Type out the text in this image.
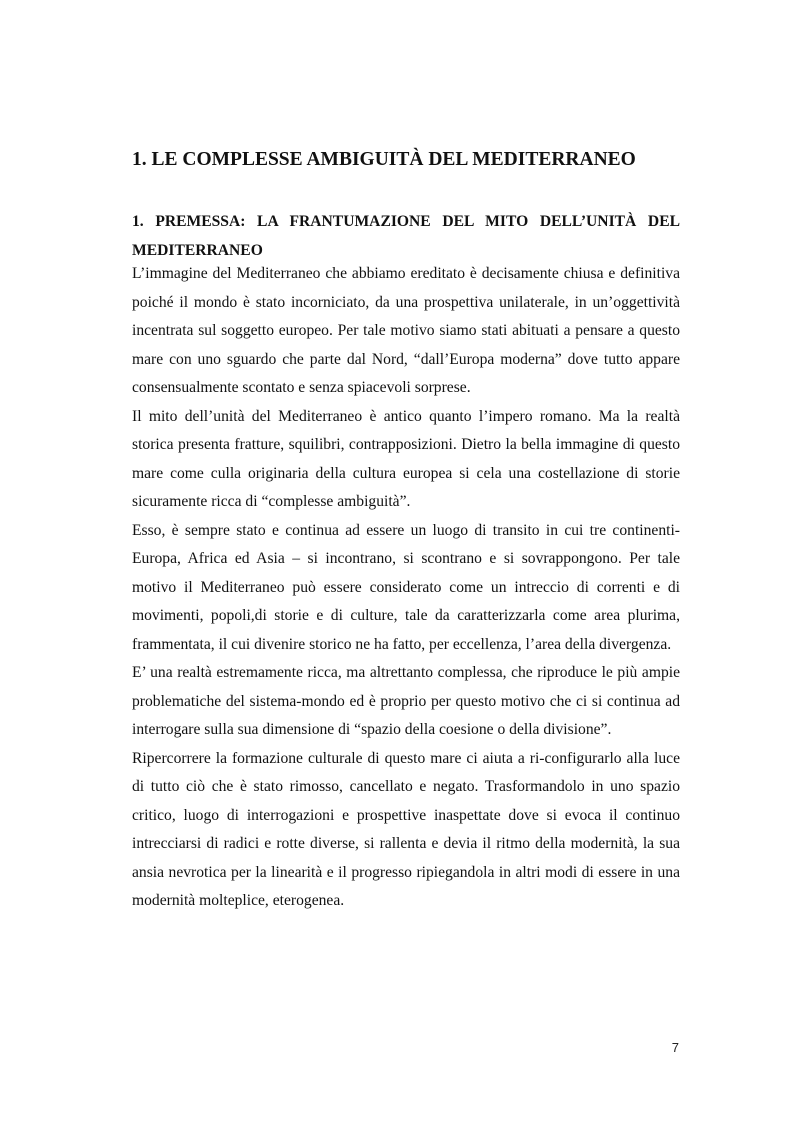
1. LE COMPLESSE AMBIGUITÀ DEL MEDITERRANEO
1. PREMESSA: LA FRANTUMAZIONE DEL MITO DELL’UNITÀ DEL MEDITERRANEO

L’immagine del Mediterraneo che abbiamo ereditato è decisamente chiusa e definitiva poiché il mondo è stato incorniciato, da una prospettiva unilaterale, in un’oggettività incentrata sul soggetto europeo. Per tale motivo siamo stati abituati a pensare a questo mare con uno sguardo che parte dal Nord, “dall’Europa moderna” dove tutto appare consensualmente scontato e senza spiacevoli sorprese.

Il mito dell’unità del Mediterraneo è antico quanto l’impero romano. Ma la realtà storica presenta fratture, squilibri, contrapposizioni. Dietro la bella immagine di questo mare come culla originaria della cultura europea si cela una costellazione di storie sicuramente ricca di “complesse ambiguità”.

Esso, è sempre stato e continua ad essere un luogo di transito in cui tre continenti- Europa, Africa ed Asia – si incontrano, si scontrano e si sovrappongono. Per tale motivo il Mediterraneo può essere considerato come un intreccio di correnti e di movimenti, popoli,di storie e di culture, tale da caratterizzarla come area plurima, frammentata, il cui divenire storico ne ha fatto, per eccellenza, l’area della divergenza.

E’ una realtà estremamente ricca, ma altrettanto complessa, che riproduce le più ampie problematiche del sistema-mondo ed è proprio per questo motivo che ci si continua ad interrogare sulla sua dimensione di “spazio della coesione o della divisione”.

Ripercorrere la formazione culturale di questo mare ci aiuta a ri-configurarlo alla luce di tutto ciò che è stato rimosso, cancellato e negato. Trasformandolo in uno spazio critico, luogo di interrogazioni e prospettive inaspettate dove si evoca il continuo intrecciarsi di radici e rotte diverse, si rallenta e devia il ritmo della modernità, la sua ansia nevrotica per la linearità e il progresso ripiegandola in altri modi di essere in una modernità molteplice, eterogenea.

7
